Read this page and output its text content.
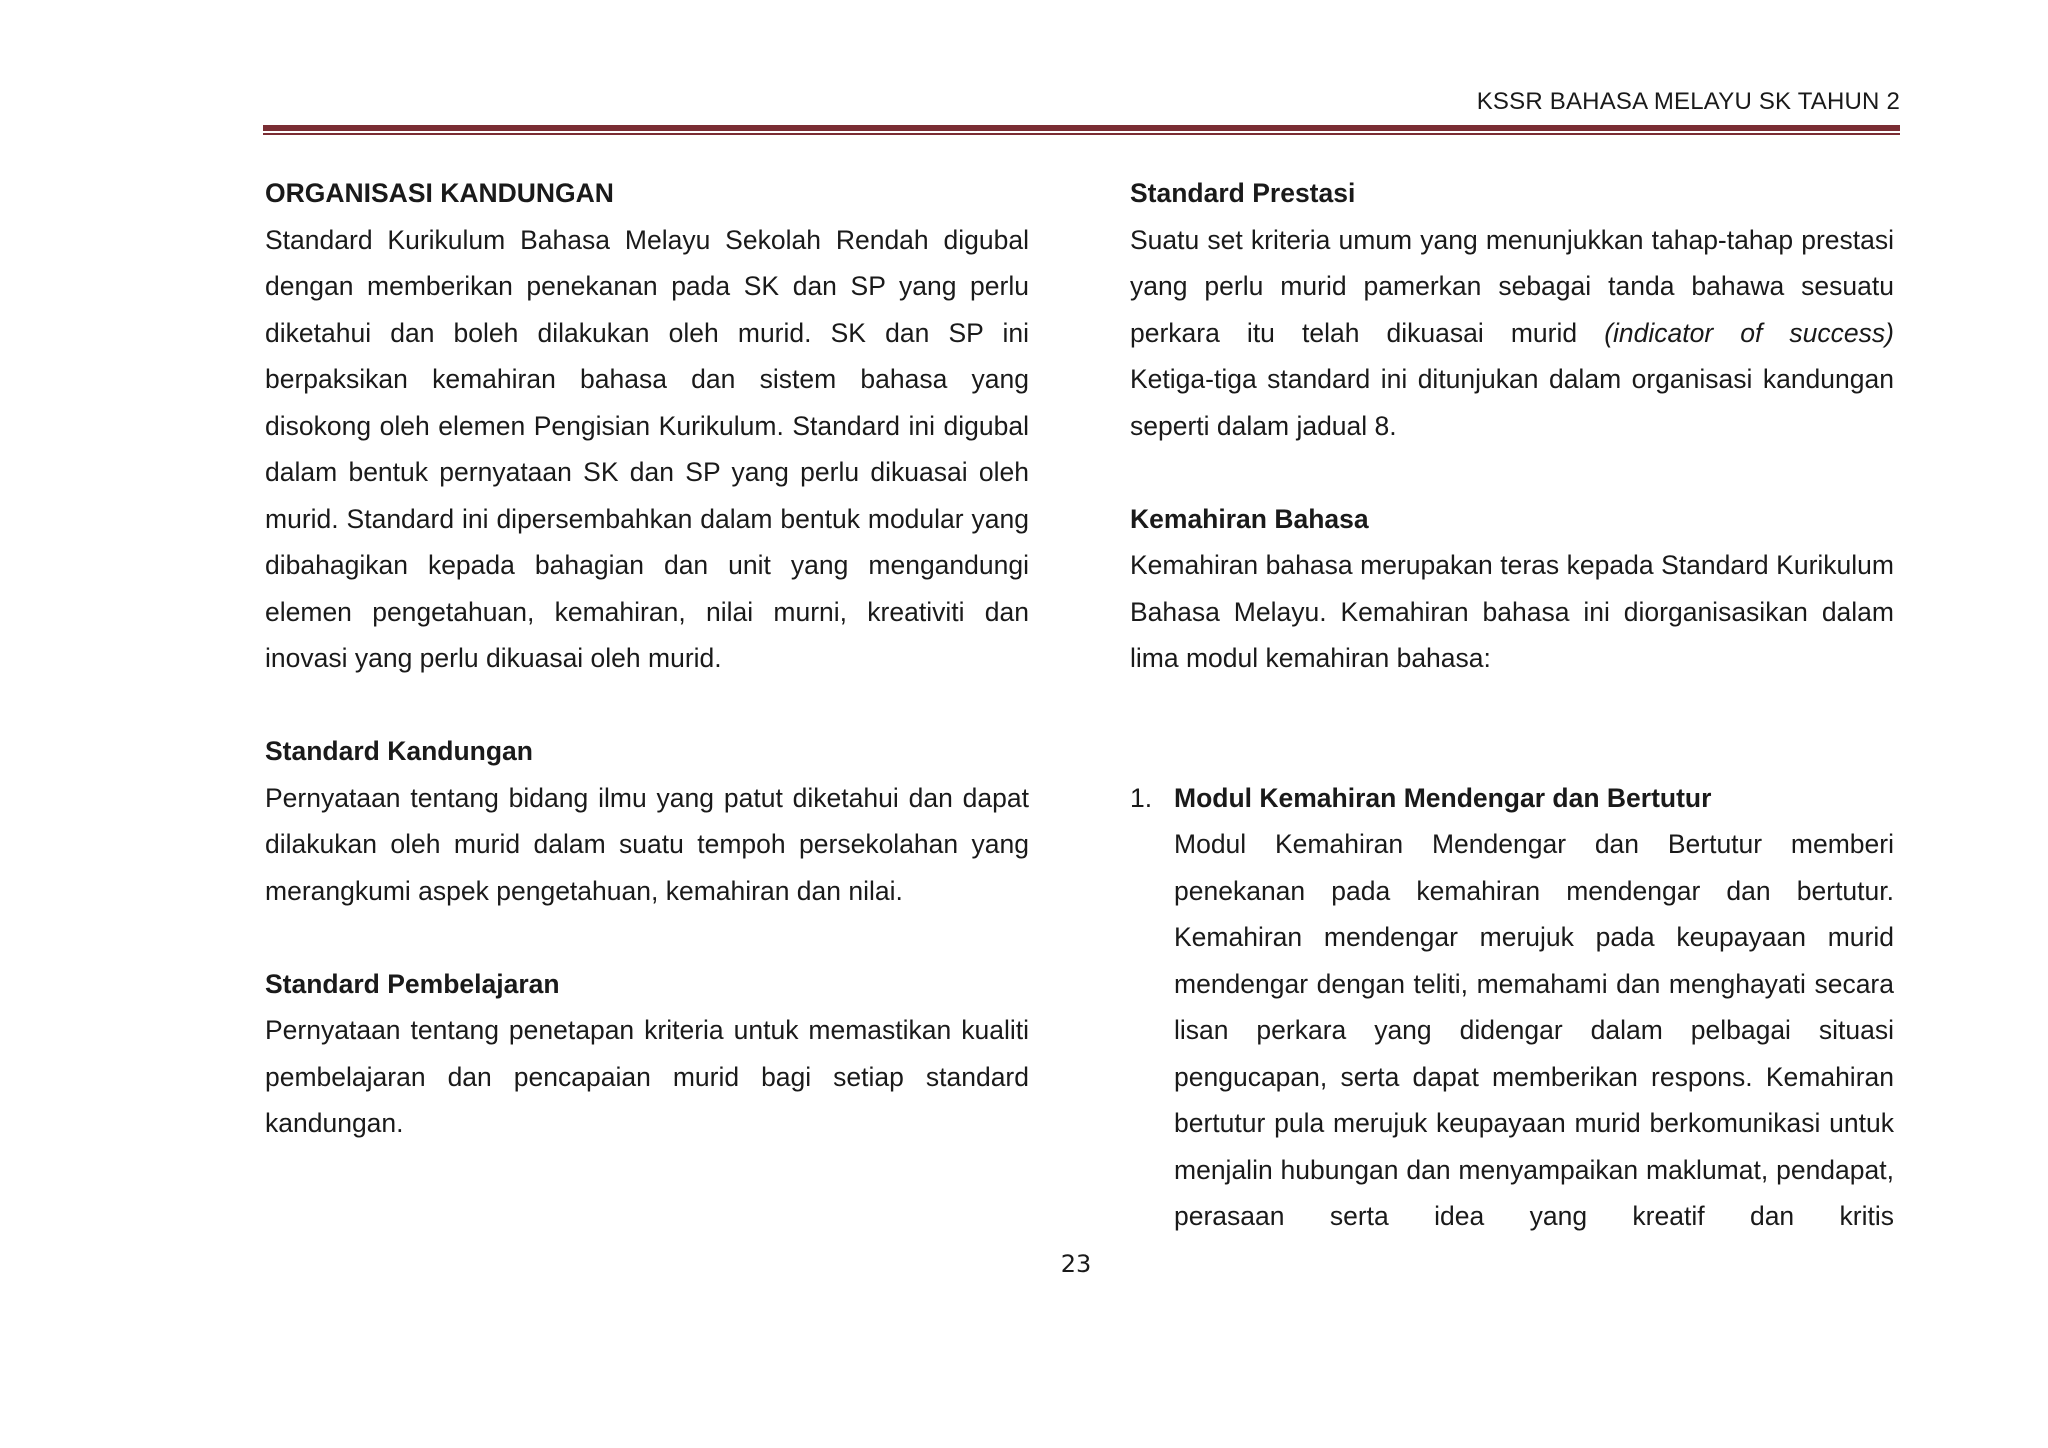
KSSR BAHASA MELAYU SK TAHUN 2

ORGANISASI KANDUNGAN

Standard Kurikulum Bahasa Melayu Sekolah Rendah digubal dengan memberikan penekanan pada SK dan SP yang perlu diketahui dan boleh dilakukan oleh murid. SK dan SP ini berpaksikan kemahiran bahasa dan sistem bahasa yang disokong oleh elemen Pengisian Kurikulum. Standard ini digubal dalam bentuk pernyataan SK dan SP yang perlu dikuasai oleh murid. Standard ini dipersembahkan dalam bentuk modular yang dibahagikan kepada bahagian dan unit yang mengandungi elemen pengetahuan, kemahiran, nilai murni, kreativiti dan inovasi yang perlu dikuasai oleh murid.

Standard Kandungan

Pernyataan tentang bidang ilmu yang patut diketahui dan dapat dilakukan oleh murid dalam suatu tempoh persekolahan yang merangkumi aspek pengetahuan, kemahiran dan nilai.

Standard Pembelajaran

Pernyataan tentang penetapan kriteria untuk memastikan kualiti pembelajaran dan pencapaian murid bagi setiap standard kandungan.

Standard Prestasi

Suatu set kriteria umum yang menunjukkan tahap-tahap prestasi yang perlu murid pamerkan sebagai tanda bahawa sesuatu perkara itu telah dikuasai murid (indicator of success)

Ketiga-tiga standard ini ditunjukan dalam organisasi kandungan seperti dalam jadual 8.

Kemahiran Bahasa

Kemahiran bahasa merupakan teras kepada Standard Kurikulum Bahasa Melayu. Kemahiran bahasa ini diorganisasikan dalam lima modul kemahiran bahasa:

1. Modul Kemahiran Mendengar dan Bertutur

Modul Kemahiran Mendengar dan Bertutur memberi penekanan pada kemahiran mendengar dan bertutur. Kemahiran mendengar merujuk pada keupayaan murid mendengar dengan teliti, memahami dan menghayati secara lisan perkara yang didengar dalam pelbagai situasi pengucapan, serta dapat memberikan respons. Kemahiran bertutur pula merujuk keupayaan murid berkomunikasi untuk menjalin hubungan dan menyampaikan maklumat, pendapat, perasaan serta idea yang kreatif dan kritis

23
